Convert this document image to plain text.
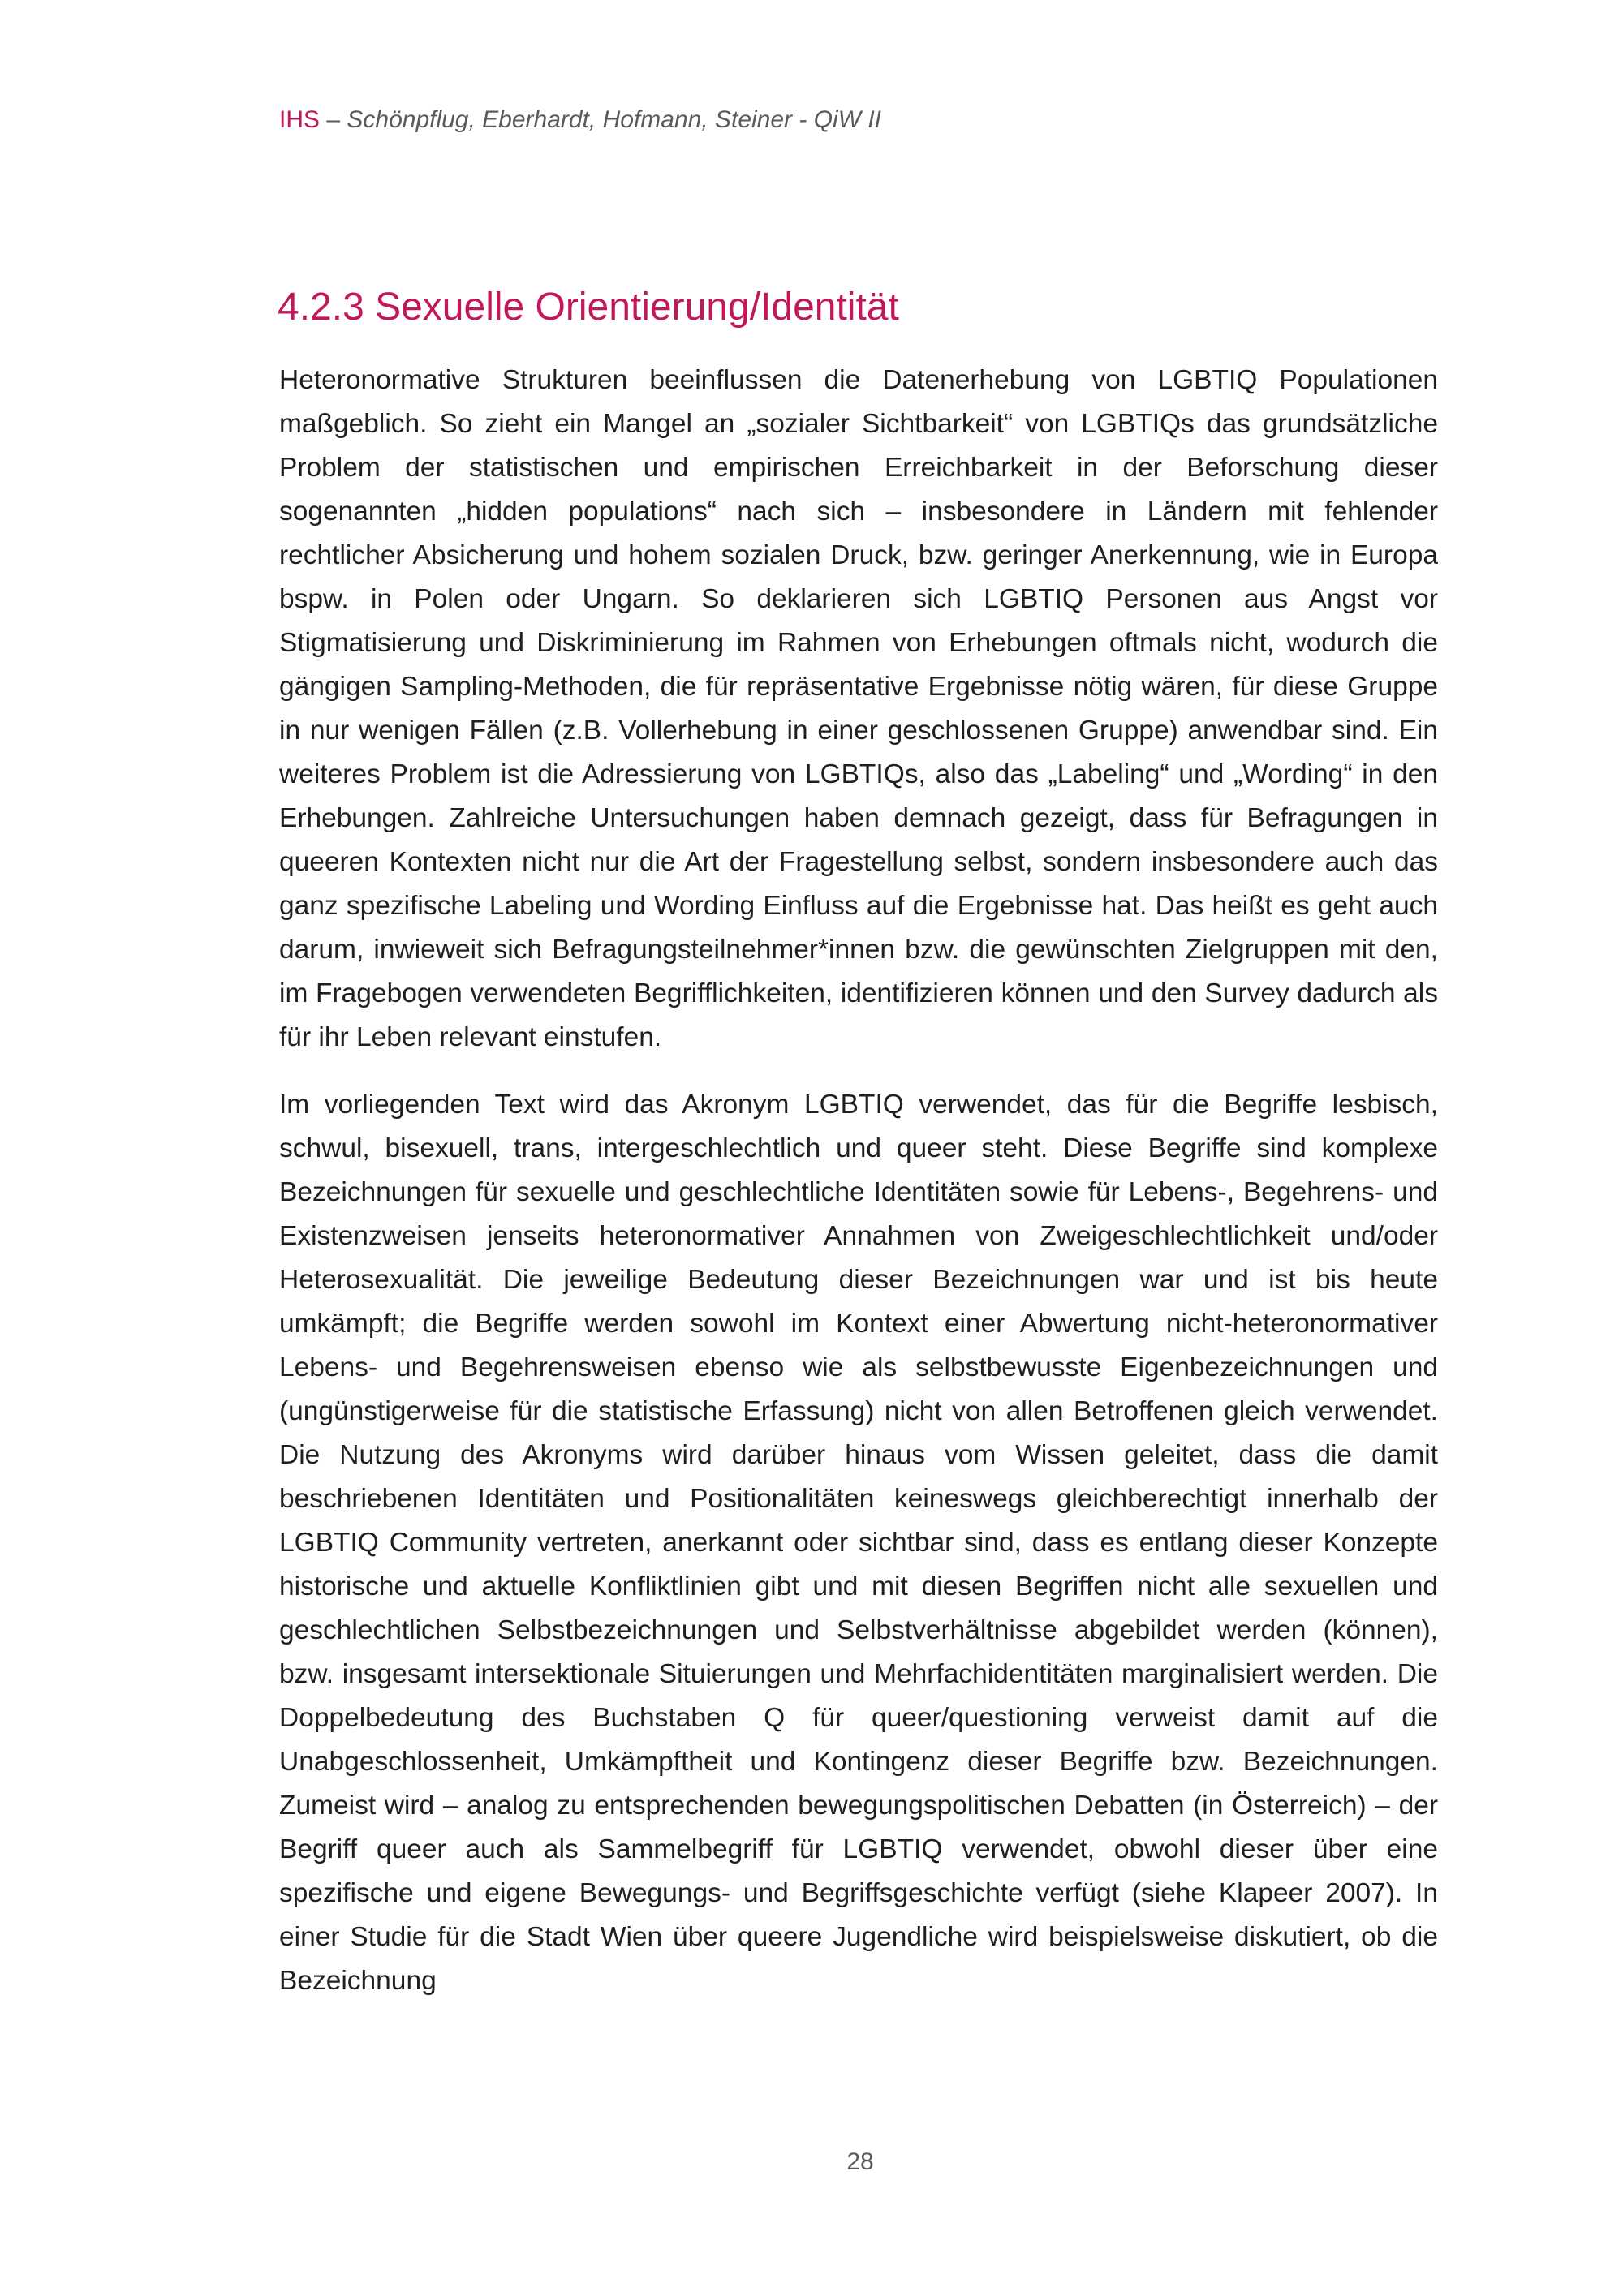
IHS – Schönpflug, Eberhardt, Hofmann, Steiner - QiW II
4.2.3 Sexuelle Orientierung/Identität

Heteronormative Strukturen beeinflussen die Datenerhebung von LGBTIQ Populationen maßgeblich. So zieht ein Mangel an „sozialer Sichtbarkeit“ von LGBTIQs das grundsätzliche Problem der statistischen und empirischen Erreichbarkeit in der Beforschung dieser sogenannten „hidden populations“ nach sich – insbesondere in Ländern mit fehlender rechtlicher Absicherung und hohem sozialen Druck, bzw. geringer Anerkennung, wie in Europa bspw. in Polen oder Ungarn. So deklarieren sich LGBTIQ Personen aus Angst vor Stigmatisierung und Diskriminierung im Rahmen von Erhebungen oftmals nicht, wodurch die gängigen Sampling-Methoden, die für repräsentative Ergebnisse nötig wären, für diese Gruppe in nur wenigen Fällen (z.B. Vollerhebung in einer geschlossenen Gruppe) anwendbar sind. Ein weiteres Problem ist die Adressierung von LGBTIQs, also das „Labeling“ und „Wording“ in den Erhebungen. Zahlreiche Untersuchungen haben demnach gezeigt, dass für Befragungen in queeren Kontexten nicht nur die Art der Fragestellung selbst, sondern insbesondere auch das ganz spezifische Labeling und Wording Einfluss auf die Ergebnisse hat. Das heißt es geht auch darum, inwieweit sich Befragungsteilnehmer*innen bzw. die gewünschten Zielgruppen mit den, im Fragebogen verwendeten Begrifflichkeiten, identifizieren können und den Survey dadurch als für ihr Leben relevant einstufen.

Im vorliegenden Text wird das Akronym LGBTIQ verwendet, das für die Begriffe lesbisch, schwul, bisexuell, trans, intergeschlechtlich und queer steht. Diese Begriffe sind komplexe Bezeichnungen für sexuelle und geschlechtliche Identitäten sowie für Lebens-, Begehrens- und Existenzweisen jenseits heteronormativer Annahmen von Zweigeschlechtlichkeit und/oder Heterosexualität. Die jeweilige Bedeutung dieser Bezeichnungen war und ist bis heute umkämpft; die Begriffe werden sowohl im Kontext einer Abwertung nicht-heteronormativer Lebens- und Begehrensweisen ebenso wie als selbstbewusste Eigenbezeichnungen und (ungünstigerweise für die statistische Erfassung) nicht von allen Betroffenen gleich verwendet. Die Nutzung des Akronyms wird darüber hinaus vom Wissen geleitet, dass die damit beschriebenen Identitäten und Positionalitäten keineswegs gleichberechtigt innerhalb der LGBTIQ Community vertreten, anerkannt oder sichtbar sind, dass es entlang dieser Konzepte historische und aktuelle Konfliktlinien gibt und mit diesen Begriffen nicht alle sexuellen und geschlechtlichen Selbstbezeichnungen und Selbstverhältnisse abgebildet werden (können), bzw. insgesamt intersektionale Situierungen und Mehrfachidentitäten marginalisiert werden. Die Doppelbedeutung des Buchstaben Q für queer/questioning verweist damit auf die Unabgeschlossenheit, Umkämpftheit und Kontingenz dieser Begriffe bzw. Bezeichnungen. Zumeist wird – analog zu entsprechenden bewegungspolitischen Debatten (in Österreich) – der Begriff queer auch als Sammelbegriff für LGBTIQ verwendet, obwohl dieser über eine spezifische und eigene Bewegungs- und Begriffsgeschichte verfügt (siehe Klapeer 2007). In einer Studie für die Stadt Wien über queere Jugendliche wird beispielsweise diskutiert, ob die Bezeichnung

28
